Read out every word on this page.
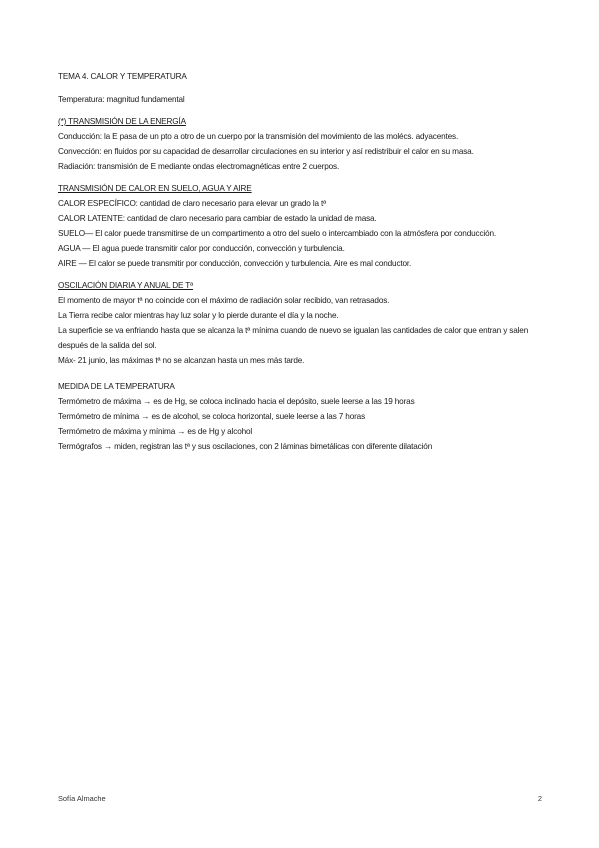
TEMA 4. CALOR Y TEMPERATURA
Temperatura: magnitud fundamental
(*) TRANSMISIÓN DE LA ENERGÍA
Conducción: la E pasa de un pto a otro de un cuerpo por la transmisión del movimiento de las molécs. adyacentes.
Convección: en fluidos por su capacidad de desarrollar circulaciones en su interior y así redistribuir el calor en su masa.
Radiación: transmisión de E mediante ondas electromagnéticas entre 2 cuerpos.
TRANSMISIÓN DE CALOR EN SUELO, AGUA Y AIRE
CALOR ESPECÍFICO: cantidad de claro necesario para elevar un grado la tª
CALOR LATENTE: cantidad de claro necesario para cambiar de estado la unidad de masa.
SUELO— El calor puede transmitirse de un compartimento a otro del suelo o intercambiado con la atmósfera por conducción.
AGUA — El agua puede transmitir calor por conducción, convección y turbulencia.
AIRE — El calor se puede transmitir por conducción, convección y turbulencia. Aire es mal conductor.
OSCILACIÓN DIARIA Y ANUAL DE Tª
El momento de mayor tª no coincide con el máximo de radiación solar recibido, van retrasados.
La Tierra recibe calor mientras hay luz solar y lo pierde durante el día y la noche.
La superficie se va enfriando hasta que se alcanza la tª mínima cuando de nuevo se igualan las cantidades de calor que entran y salen después de la salida del sol.
Máx- 21 junio, las máximas tª no se alcanzan hasta un mes más tarde.
MEDIDA DE LA TEMPERATURA
Termómetro de máxima → es de Hg, se coloca inclinado hacia el depósito, suele leerse a las 19 horas
Termómetro de mínima → es de alcohol, se coloca horizontal, suele leerse a las 7 horas
Termómetro de máxima y mínima → es de Hg y alcohol
Termógrafos → miden, registran las tª y sus oscilaciones, con 2 láminas bimetálicas con diferente dilatación
Sofía Almache	2
